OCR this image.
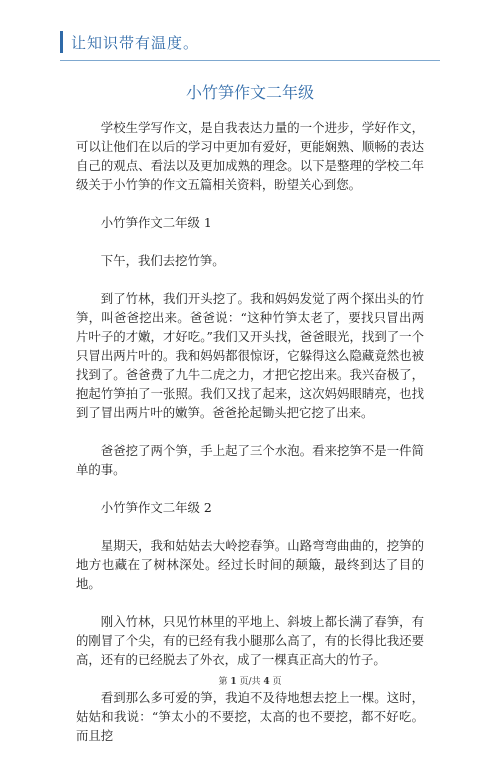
让知识带有温度。
小竹笋作文二年级

学校生学写作文，是自我表达力量的一个进步，学好作文，可以让他们在以后的学习中更加有爱好，更能娴熟、顺畅的表达自己的观点、看法以及更加成熟的理念。以下是整理的学校二年级关于小竹笋的作文五篇相关资料，盼望关心到您。

小竹笋作文二年级 1

下午，我们去挖竹笋。

到了竹林，我们开头挖了。我和妈妈发觉了两个探出头的竹笋，叫爸爸挖出来。爸爸说：“这种竹笋太老了，要找只冒出两片叶子的才嫩，才好吃。”我们又开头找，爸爸眼光，找到了一个只冒出两片叶的。我和妈妈都很惊讶，它躲得这么隐藏竟然也被找到了。爸爸费了九牛二虎之力，才把它挖出来。我兴奋极了，抱起竹笋拍了一张照。我们又找了起来，这次妈妈眼睛亮，也找到了冒出两片叶的嫩笋。爸爸抡起锄头把它挖了出来。

爸爸挖了两个笋，手上起了三个水泡。看来挖笋不是一件简单的事。

小竹笋作文二年级 2

星期天，我和姑姑去大岭挖春笋。山路弯弯曲曲的，挖笋的地方也藏在了树林深处。经过长时间的颠簸，最终到达了目的地。

刚入竹林，只见竹林里的平地上、斜坡上都长满了春笋，有的刚冒了个尖，有的已经有我小腿那么高了，有的长得比我还要高，还有的已经脱去了外衣，成了一棵真正高大的竹子。

看到那么多可爱的笋，我迫不及待地想去挖上一棵。这时，姑姑和我说：“笋太小的不要挖，太高的也不要挖，都不好吃。而且挖

第 1 页/共 4 页
